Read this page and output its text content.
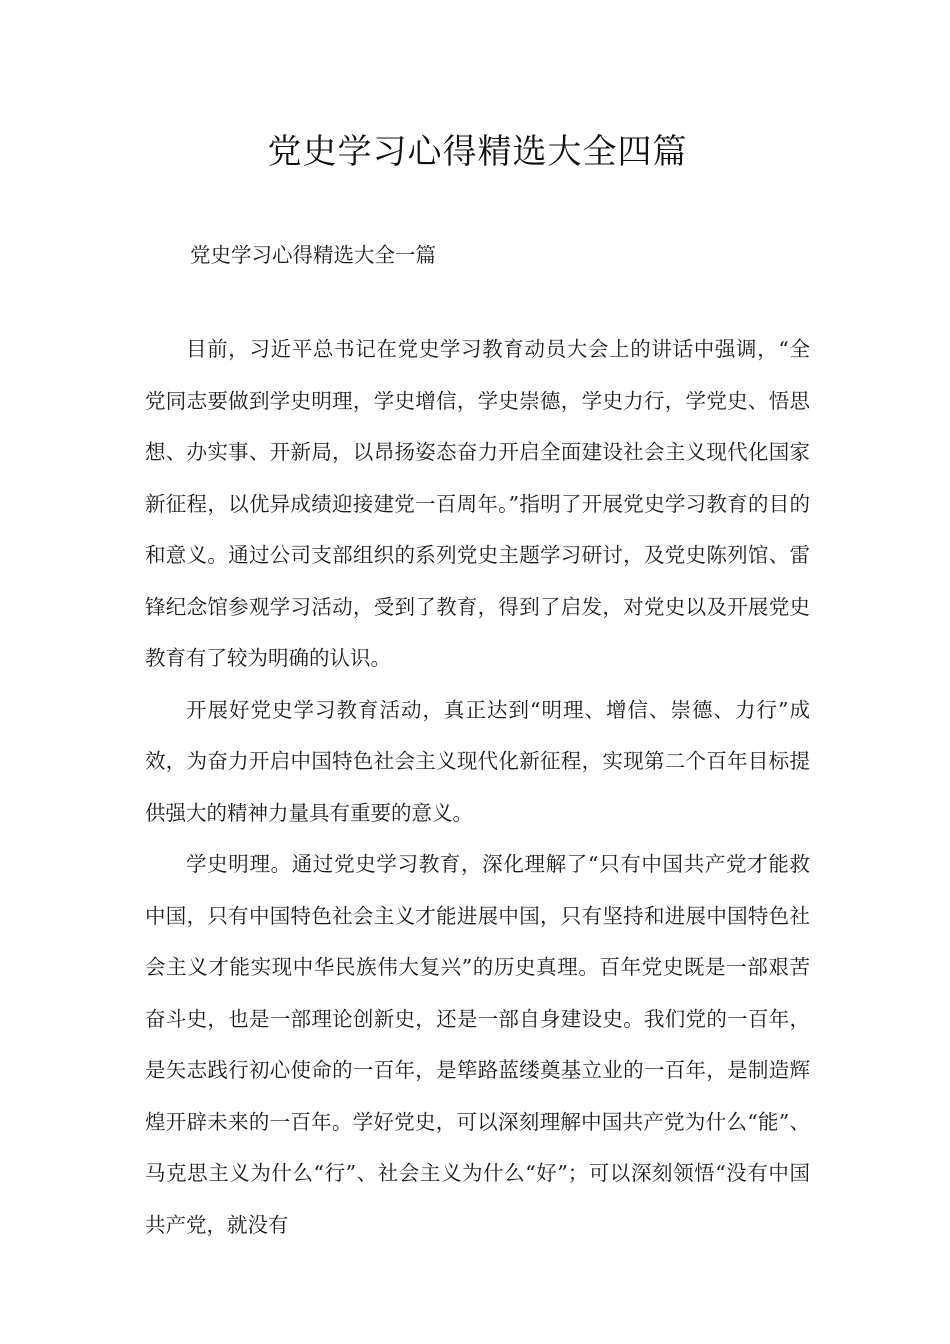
党史学习心得精选大全四篇

党史学习心得精选大全一篇

目前，习近平总书记在党史学习教育动员大会上的讲话中强调，“全党同志要做到学史明理，学史增信，学史崇德，学史力行，学党史、悟思想、办实事、开新局，以昂扬姿态奋力开启全面建设社会主义现代化国家新征程，以优异成绩迎接建党一百周年。”指明了开展党史学习教育的目的和意义。通过公司支部组织的系列党史主题学习研讨，及党史陈列馆、雷锋纪念馆参观学习活动，受到了教育，得到了启发，对党史以及开展党史教育有了较为明确的认识。

开展好党史学习教育活动，真正达到“明理、增信、崇德、力行”成效，为奋力开启中国特色社会主义现代化新征程，实现第二个百年目标提供强大的精神力量具有重要的意义。

学史明理。通过党史学习教育，深化理解了“只有中国共产党才能救中国，只有中国特色社会主义才能进展中国，只有坚持和进展中国特色社会主义才能实现中华民族伟大复兴”的历史真理。百年党史既是一部艰苦奋斗史，也是一部理论创新史，还是一部自身建设史。我们党的一百年，是矢志践行初心使命的一百年，是筚路蓝缕奠基立业的一百年，是制造辉煌开辟未来的一百年。学好党史，可以深刻理解中国共产党为什么“能”、马克思主义为什么“行”、社会主义为什么“好”；可以深刻领悟“没有中国共产党，就没有
